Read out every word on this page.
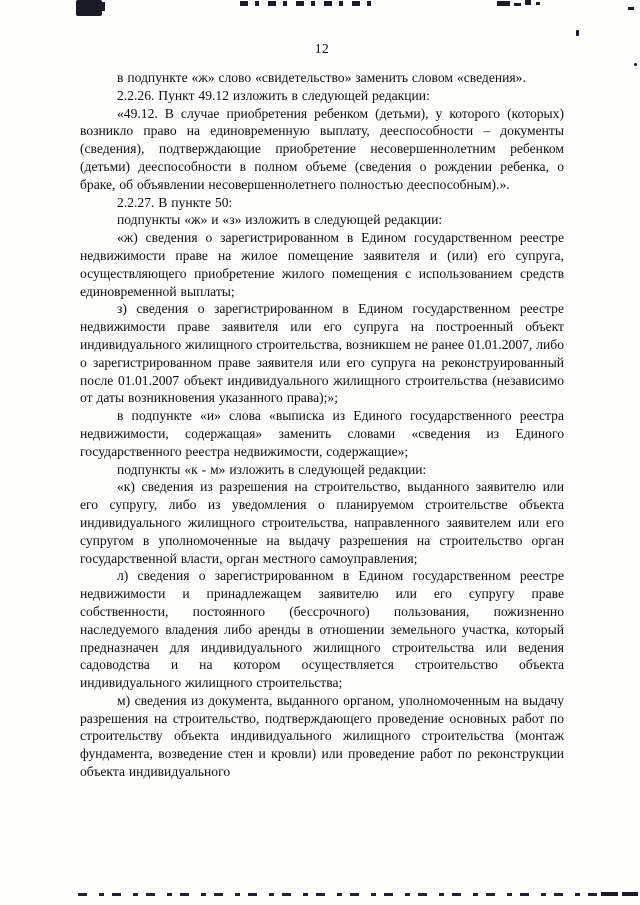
12

в подпункте «ж» слово «свидетельство» заменить словом «сведения».

2.2.26. Пункт 49.12 изложить в следующей редакции:

«49.12. В случае приобретения ребенком (детьми), у которого (которых) возникло право на единовременную выплату, дееспособности – документы (сведения), подтверждающие приобретение несовершеннолетним ребенком (детьми) дееспособности в полном объеме (сведения о рождении ребенка, о браке, об объявлении несовершеннолетнего полностью дееспособным).».

2.2.27. В пункте 50:

подпункты «ж» и «з» изложить в следующей редакции:

«ж) сведения о зарегистрированном в Едином государственном реестре недвижимости праве на жилое помещение заявителя и (или) его супруга, осуществляющего приобретение жилого помещения с использованием средств единовременной выплаты;

з) сведения о зарегистрированном в Едином государственном реестре недвижимости праве заявителя или его супруга на построенный объект индивидуального жилищного строительства, возникшем не ранее 01.01.2007, либо о зарегистрированном праве заявителя или его супруга на реконструированный после 01.01.2007 объект индивидуального жилищного строительства (независимо от даты возникновения указанного права);»;

в подпункте «и» слова «выписка из Единого государственного реестра недвижимости, содержащая» заменить словами «сведения из Единого государственного реестра недвижимости, содержащие»;

подпункты «к - м» изложить в следующей редакции:

«к) сведения из разрешения на строительство, выданного заявителю или его супругу, либо из уведомления о планируемом строительстве объекта индивидуального жилищного строительства, направленного заявителем или его супругом в уполномоченные на выдачу разрешения на строительство орган государственной власти, орган местного самоуправления;

л) сведения о зарегистрированном в Едином государственном реестре недвижимости и принадлежащем заявителю или его супругу праве собственности, постоянного (бессрочного) пользования, пожизненно наследуемого владения либо аренды в отношении земельного участка, который предназначен для индивидуального жилищного строительства или ведения садоводства и на котором осуществляется строительство объекта индивидуального жилищного строительства;

м) сведения из документа, выданного органом, уполномоченным на выдачу разрешения на строительство, подтверждающего проведение основных работ по строительству объекта индивидуального жилищного строительства (монтаж фундамента, возведение стен и кровли) или проведение работ по реконструкции объекта индивидуального
